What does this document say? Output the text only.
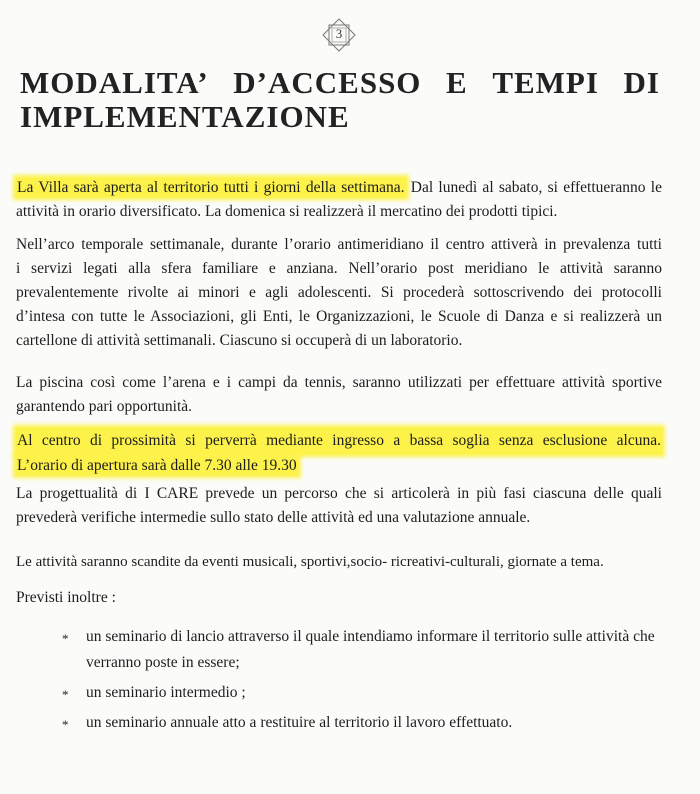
3
MODALITA’ D’ACCESSO E TEMPI DI
IMPLEMENTAZIONE
La Villa sarà aperta al territorio tutti i giorni della settimana. Dal lunedì al sabato, si effettueranno le
attività in orario diversificato. La domenica si realizzerà il mercatino dei prodotti tipici.
Nell’arco temporale settimanale, durante l’orario antimeridiano il centro attiverà in prevalenza tutti
i servizi legati alla sfera familiare e anziana. Nell’orario post meridiano le attività saranno
prevalentemente rivolte ai minori e agli adolescenti. Si procederà sottoscrivendo dei protocolli
d’intesa con tutte le Associazioni, gli Enti, le Organizzazioni, le Scuole di Danza e si realizzerà un
cartellone di attività settimanali. Ciascuno si occuperà di un laboratorio.
La piscina così come l’arena e i campi da tennis, saranno utilizzati per effettuare attività sportive
garantendo pari opportunità.
Al centro di prossimità si perverrà mediante ingresso a bassa soglia senza esclusione alcuna.
L’orario di apertura sarà dalle 7.30 alle 19.30
La progettualità di I CARE prevede un percorso che si articolerà in più fasi ciascuna delle quali
prevederà verifiche intermedie sullo stato delle attività ed una valutazione annuale.
Le attività saranno scandite da eventi musicali, sportivi,socio- ricreativi-culturali, giornate a tema.
Previsti inoltre :
* un seminario di lancio attraverso il quale intendiamo informare il territorio sulle attività che verranno poste in essere;
* un seminario intermedio ;
* un seminario annuale atto a restituire al territorio il lavoro effettuato.
